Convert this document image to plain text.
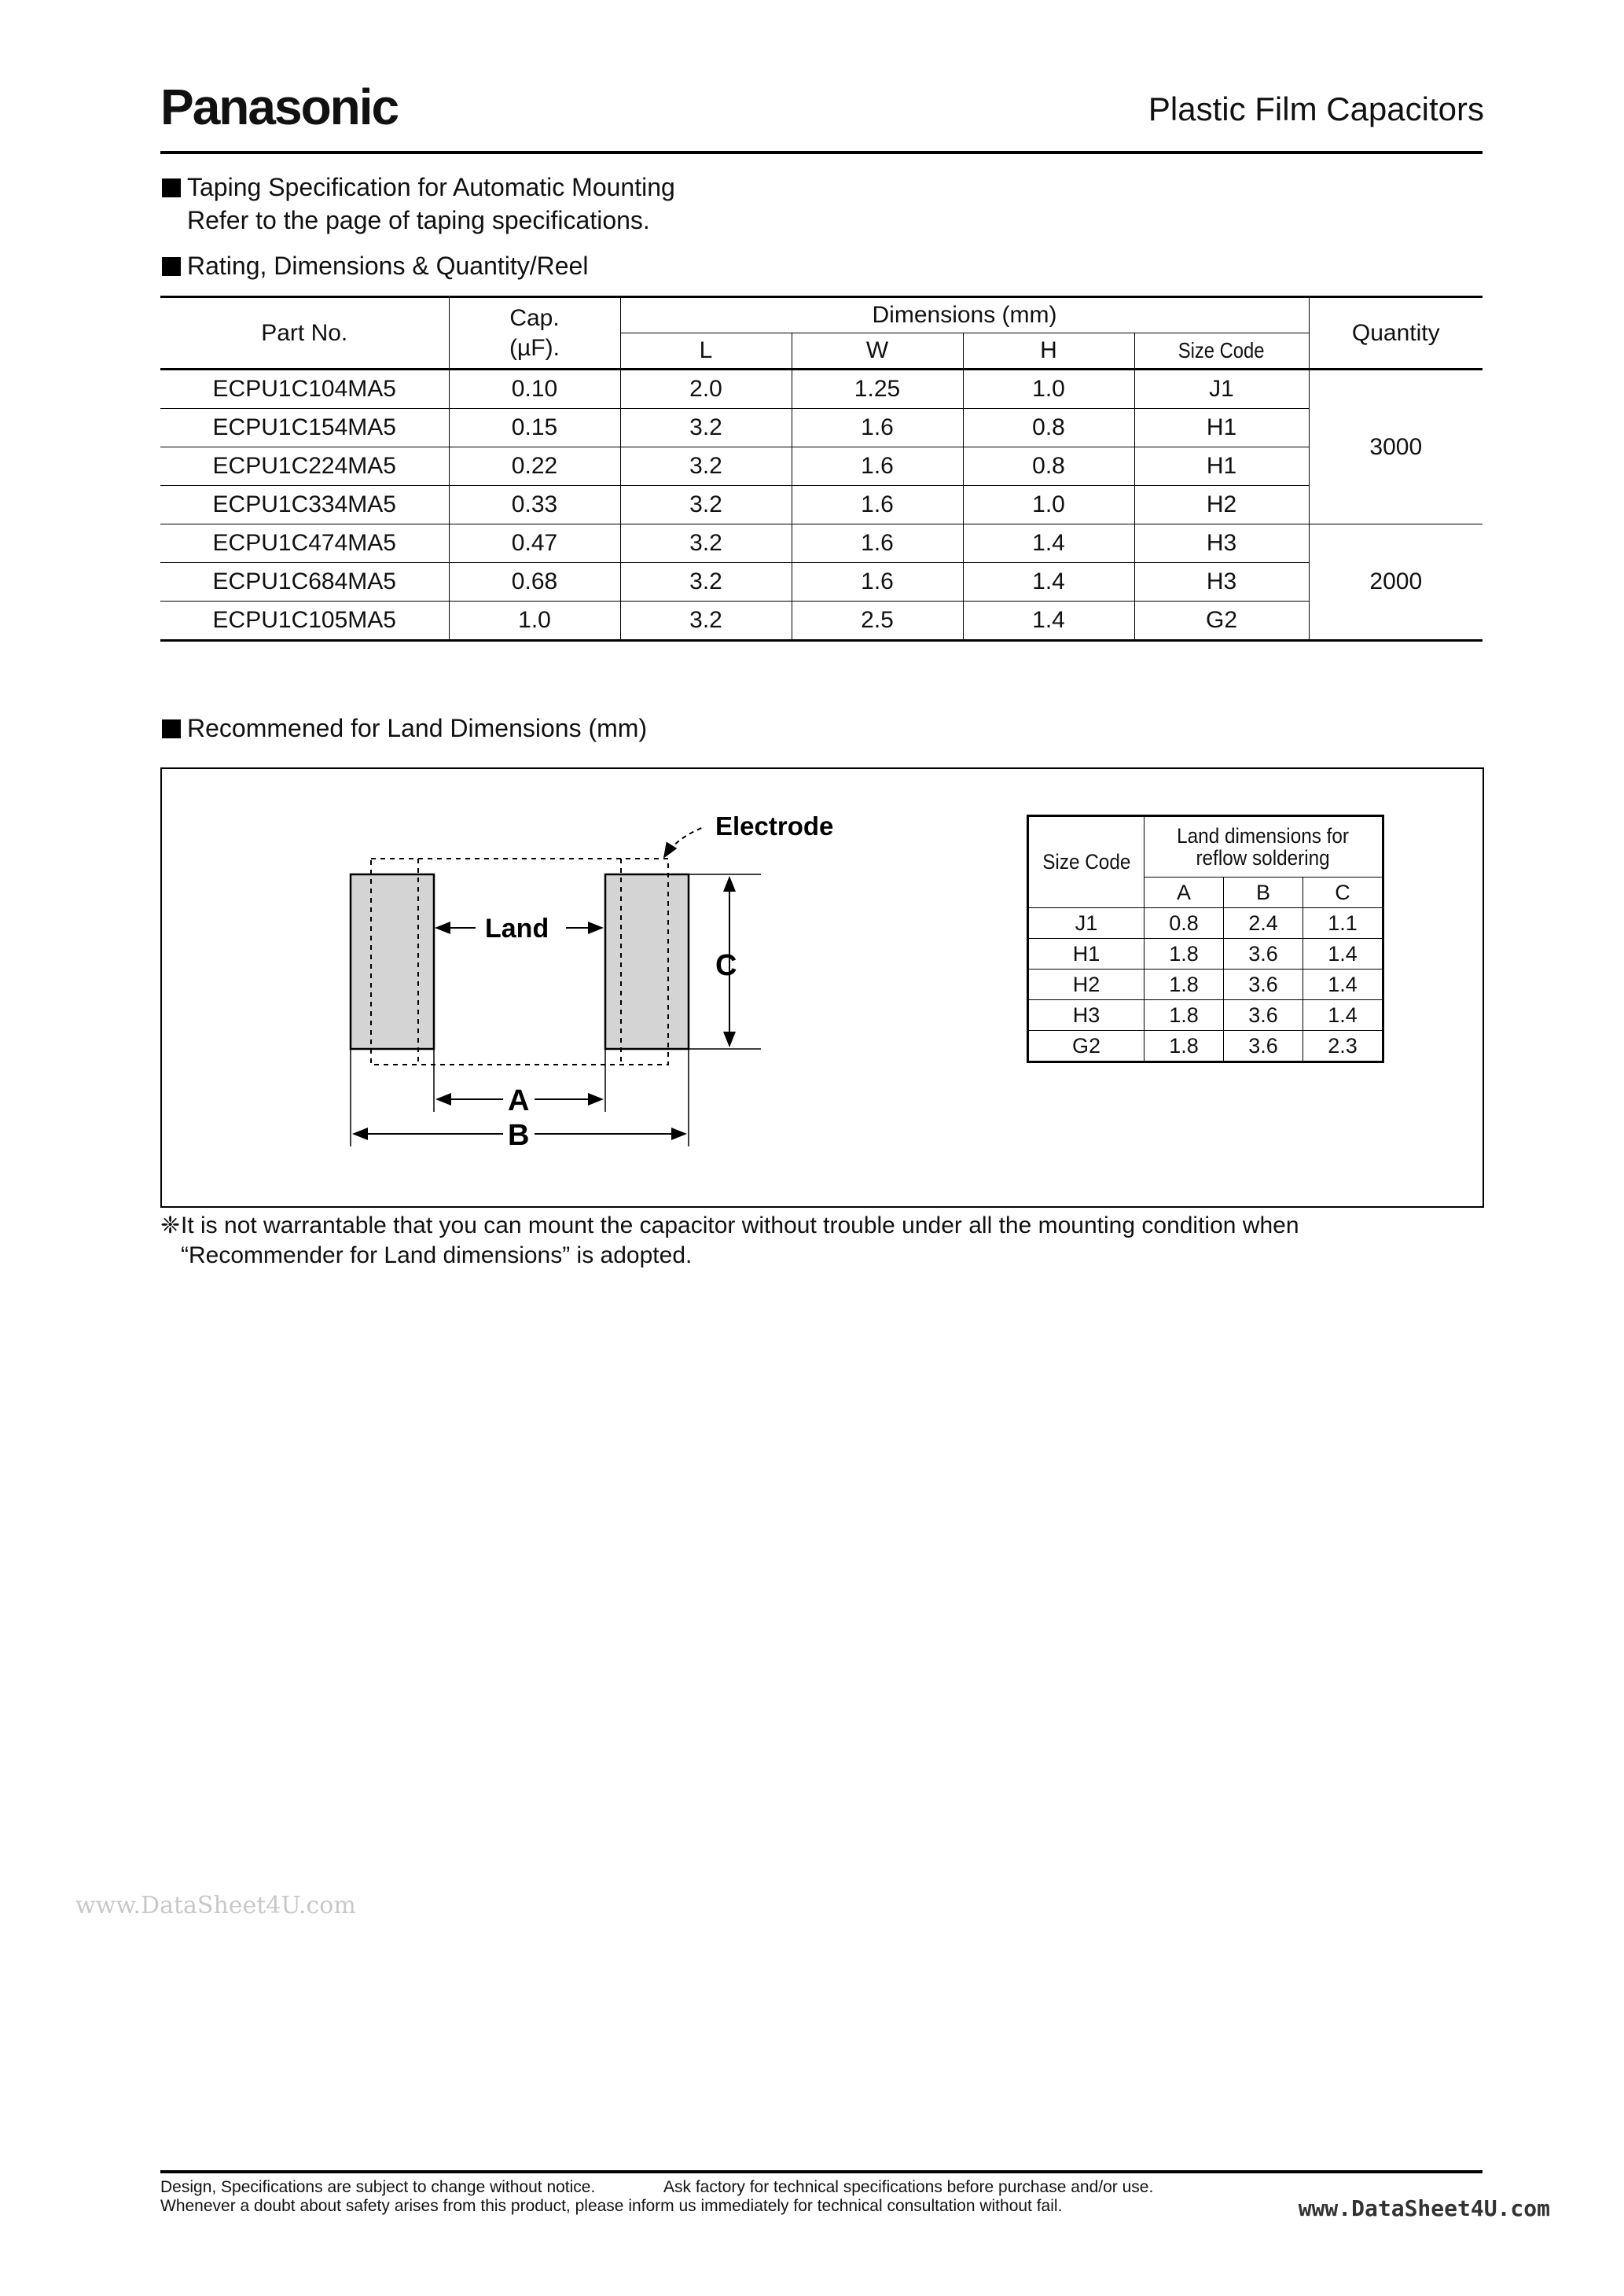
Panasonic	Plastic Film Capacitors
Taping Specification for Automatic Mounting
Refer to the page of taping specifications.
Rating, Dimensions & Quantity/Reel
Part No.	Cap.
(µF).	Dimensions (mm)				Quantity
		L	W	H	Size Code	
ECPU1C104MA5	0.10	2.0	1.25	1.0	J1	3000
ECPU1C154MA5	0.15	3.2	1.6	0.8	H1	
ECPU1C224MA5	0.22	3.2	1.6	0.8	H1	
ECPU1C334MA5	0.33	3.2	1.6	1.0	H2	
ECPU1C474MA5	0.47	3.2	1.6	1.4	H3	2000
ECPU1C684MA5	0.68	3.2	1.6	1.4	H3	
ECPU1C105MA5	1.0	3.2	2.5	1.4	G2	
Recommened for Land Dimensions (mm)
Electrode
Land
C
A
B
Size Code	Land dimensions for
reflow soldering		
	A	B	C
J1	0.8	2.4	1.1
H1	1.8	3.6	1.4
H2	1.8	3.6	1.4
H3	1.8	3.6	1.4
G2	1.8	3.6	2.3
❈It is not warrantable that you can mount the capacitor without trouble under all the mounting condition when
“Recommender for Land dimensions” is adopted.
www.DataSheet4U.com
Design, Specifications are subject to change without notice.
Whenever a doubt about safety arises from this product, please inform us immediately for technical consultation without fail.
Ask factory for technical specifications before purchase and/or use.
www.DataSheet4U.com
